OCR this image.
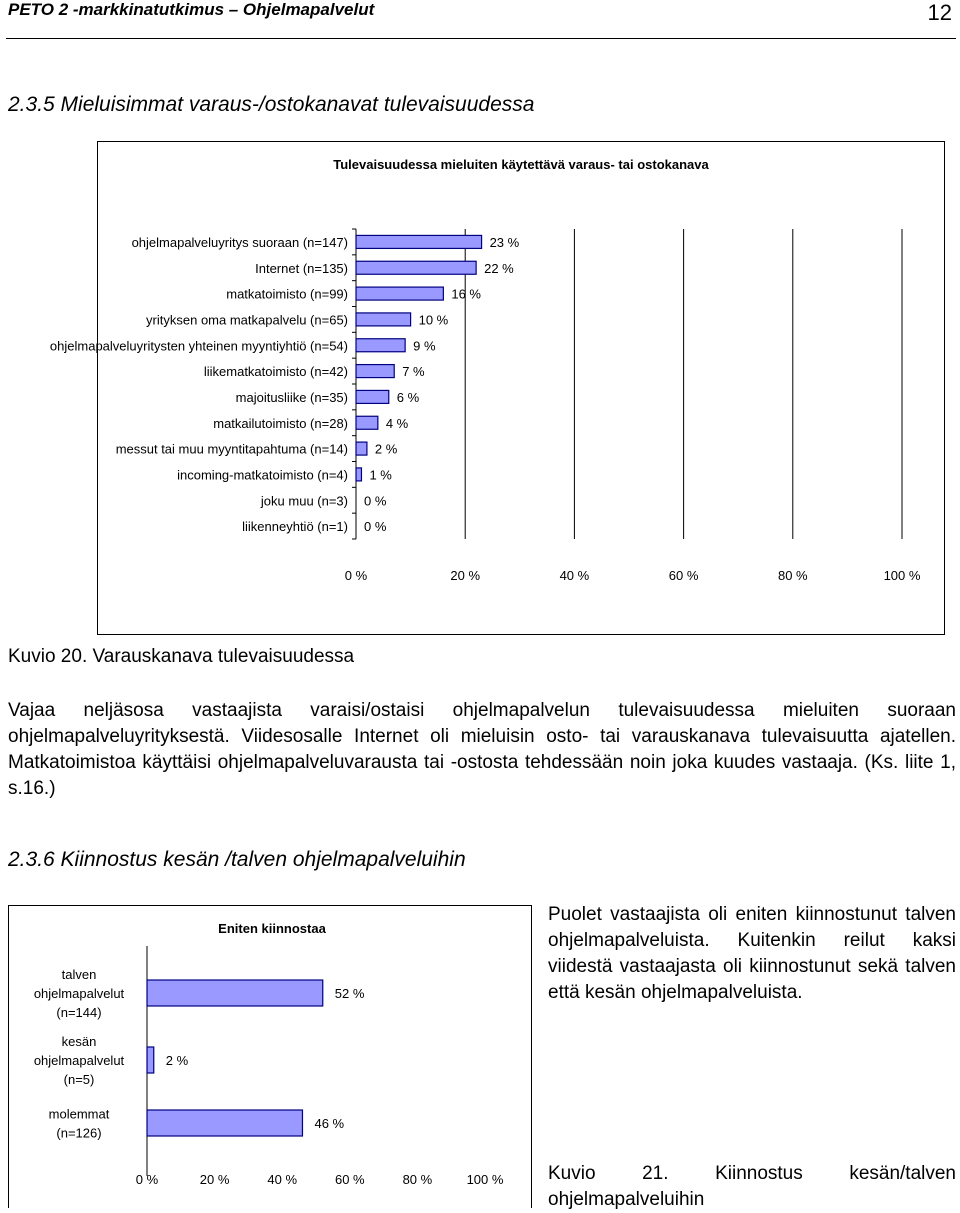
PETO 2 -markkinatutkimus – Ohjelmapalvelut	12
2.3.5 Mieluisimmat varaus-/ostokanavat tulevaisuudessa
Tulevaisuudessa mieluiten käytettävä varaus- tai ostokanava
0 %	20 %	40 %	60 %	80 %	100 %
ohjelmapalveluyritys suoraan (n=147)	23 %
Internet (n=135)	22 %
matkatoimisto (n=99)	16 %
yrityksen oma matkapalvelu (n=65)	10 %
ohjelmapalveluyritysten yhteinen myyntiyhtiö (n=54)	9 %
liikematkatoimisto (n=42)	7 %
majoitusliike (n=35)	6 %
matkailutoimisto (n=28)	4 %
messut tai muu myyntitapahtuma (n=14) 2 %
incoming-matkatoimisto (n=4) 1 %
joku muu (n=3) 0 %
liikenneyhtiö (n=1) 0 %
Kuvio 20. Varauskanava tulevaisuudessa
Vajaa neljäsosa vastaajista varaisi/ostaisi ohjelmapalvelun tulevaisuudessa mieluiten suoraan ohjelmapalveluyrityksestä. Viidesosalle Internet oli mieluisin osto- tai varauskanava tulevaisuutta ajatellen. Matkatoimistoa käyttäisi ohjelmapalveluvarausta tai -ostosta tehdessään noin joka kuudes vastaaja. (Ks. liite 1, s.16.)
2.3.6 Kiinnostus kesän /talven ohjelmapalveluihin
Eniten kiinnostaa
talven ohjelmapalvelut (n=144)
52 %
kesän ohjelmapalvelut (n=5)
2 %
molemmat (n=126)
46 %
0 %	20 %	40 %	60 %	80 %	100 %
Puolet vastaajista oli eniten kiinnostunut talven ohjelmapalveluista. Kuitenkin reilut kaksi viidestä vastaajasta oli kiinnostunut sekä talven että kesän ohjelmapalveluista.
Kuvio 21. Kiinnostus kesän/talven ohjelmapalveluihin
